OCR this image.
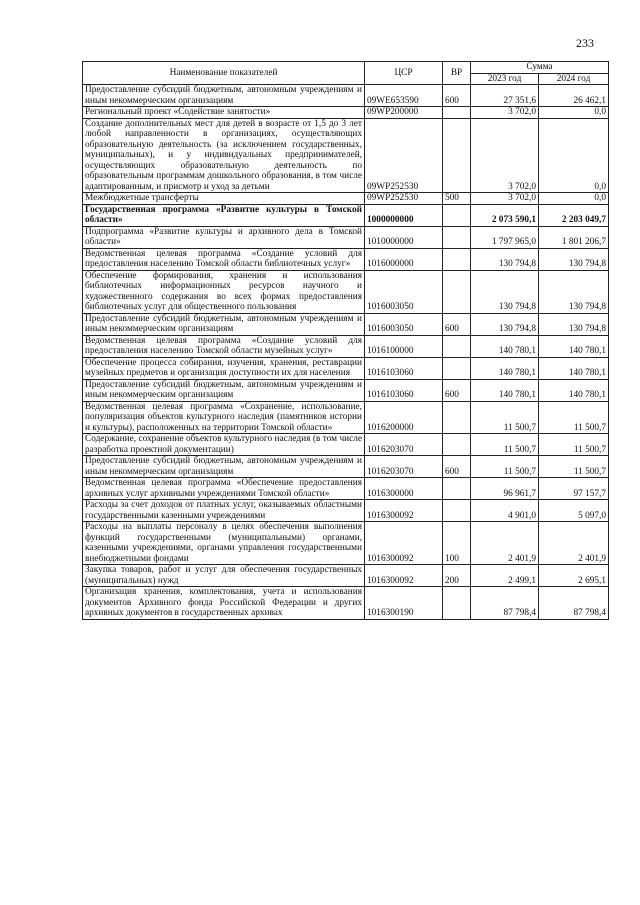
233
Наименование показателей	ЦСР	ВР	Сумма	
			2023 год	2024 год
Предоставление субсидий бюджетным, автономным учреждениям и иным некоммерческим организациям	09WE653590	600	27 351,6	26 462,1
Региональный проект «Содействие занятости»	09WP200000		3 702,0	0,0
Создание дополнительных мест для детей в возрасте от 1,5 до 3 лет любой направленности в организациях, осуществляющих образовательную деятельность (за исключением государственных, муниципальных), и у индивидуальных предпринимателей, осуществляющих образовательную деятельность по образовательным программам дошкольного образования, в том числе адаптированным, и присмотр и уход за детьми	09WP252530		3 702,0	0,0
Межбюджетные трансферты	09WP252530	500	3 702,0	0,0
Государственная программа «Развитие культуры в Томской области»	1000000000		2 073 590,1	2 203 049,7
Подпрограмма «Развитие культуры и архивного дела в Томской области»	1010000000		1 797 965,0	1 801 206,7
Ведомственная целевая программа «Создание условий для предоставления населению Томской области библиотечных услуг»	1016000000		130 794,8	130 794,8
Обеспечение формирования, хранения и использования библиотечных информационных ресурсов научного и художественного содержания во всех формах предоставления библиотечных услуг для общественного пользования	1016003050		130 794,8	130 794,8
Предоставление субсидий бюджетным, автономным учреждениям и иным некоммерческим организациям	1016003050	600	130 794,8	130 794,8
Ведомственная целевая программа «Создание условий для предоставления населению Томской области музейных услуг»	1016100000		140 780,1	140 780,1
Обеспечение процесса собирания, изучения, хранения, реставрации музейных предметов и организация доступности их для населения	1016103060		140 780,1	140 780,1
Предоставление субсидий бюджетным, автономным учреждениям и иным некоммерческим организациям	1016103060	600	140 780,1	140 780,1
Ведомственная целевая программа «Сохранение, использование, популяризация объектов культурного наследия (памятников истории и культуры), расположенных на территории Томской области»	1016200000		11 500,7	11 500,7
Содержание, сохранение объектов культурного наследия (в том числе разработка проектной документации)	1016203070		11 500,7	11 500,7
Предоставление субсидий бюджетным, автономным учреждениям и иным некоммерческим организациям	1016203070	600	11 500,7	11 500,7
Ведомственная целевая программа «Обеспечение предоставления архивных услуг архивными учреждениями Томской области»	1016300000		96 961,7	97 157,7
Расходы за счет доходов от платных услуг, оказываемых областными государственными казенными учреждениями	1016300092		4 901,0	5 097,0
Расходы на выплаты персоналу в целях обеспечения выполнения функций государственными (муниципальными) органами, казенными учреждениями, органами управления государственными внебюджетными фондами	1016300092	100	2 401,9	2 401,9
Закупка товаров, работ и услуг для обеспечения государственных (муниципальных) нужд	1016300092	200	2 499,1	2 695,1
Организация хранения, комплектования, учета и использования документов Архивного фонда Российской Федерации и других архивных документов в государственных архивах	1016300190		87 798,4	87 798,4
